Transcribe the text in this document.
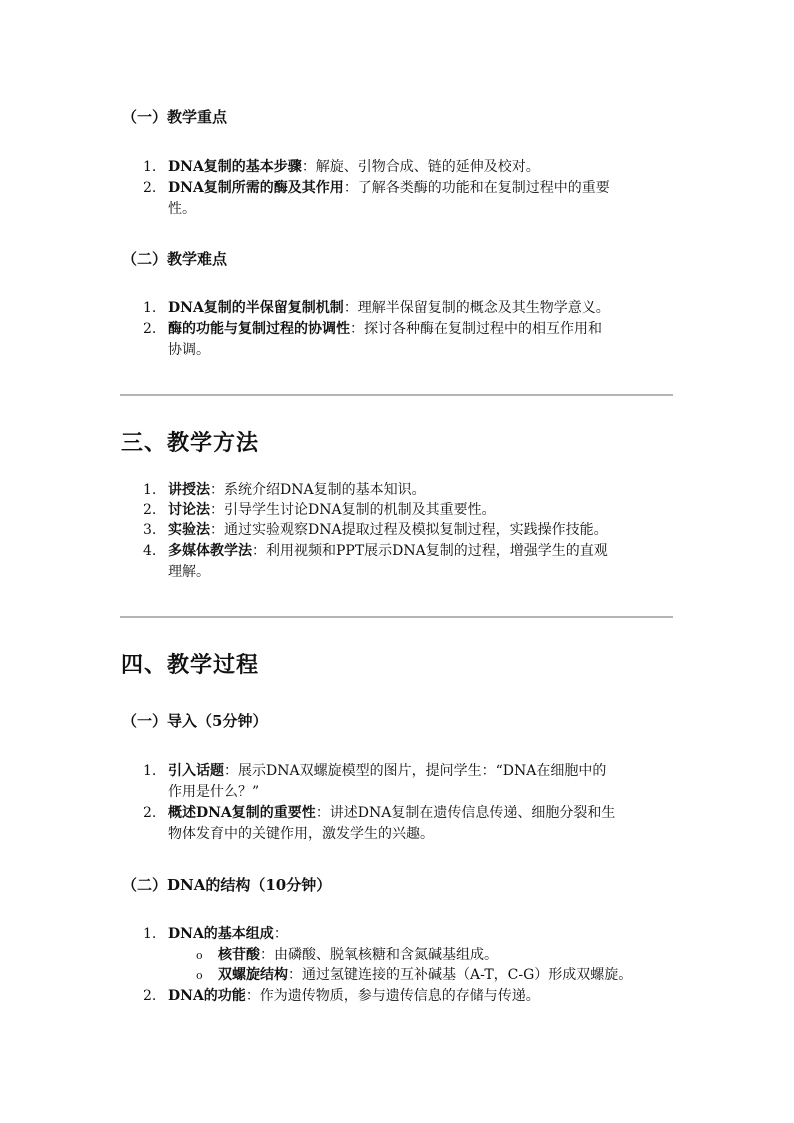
（一）教学重点
1. DNA复制的基本步骤：解旋、引物合成、链的延伸及校对。
2. DNA复制所需的酶及其作用：了解各类酶的功能和在复制过程中的重要
性。
（二）教学难点
1. DNA复制的半保留复制机制：理解半保留复制的概念及其生物学意义。
2. 酶的功能与复制过程的协调性：探讨各种酶在复制过程中的相互作用和
协调。
三、教学方法
1. 讲授法：系统介绍DNA复制的基本知识。
2. 讨论法：引导学生讨论DNA复制的机制及其重要性。
3. 实验法：通过实验观察DNA提取过程及模拟复制过程，实践操作技能。
4. 多媒体教学法：利用视频和PPT展示DNA复制的过程，增强学生的直观
理解。
四、教学过程
（一）导入（5分钟）
1. 引入话题：展示DNA双螺旋模型的图片，提问学生：“DNA在细胞中的
作用是什么？”
2. 概述DNA复制的重要性：讲述DNA复制在遗传信息传递、细胞分裂和生
物体发育中的关键作用，激发学生的兴趣。
（二）DNA的结构（10分钟）
1. DNA的基本组成：
o 核苷酸：由磷酸、脱氧核糖和含氮碱基组成。
o 双螺旋结构：通过氢键连接的互补碱基（A-T，C-G）形成双螺旋。
2. DNA的功能：作为遗传物质，参与遗传信息的存储与传递。
